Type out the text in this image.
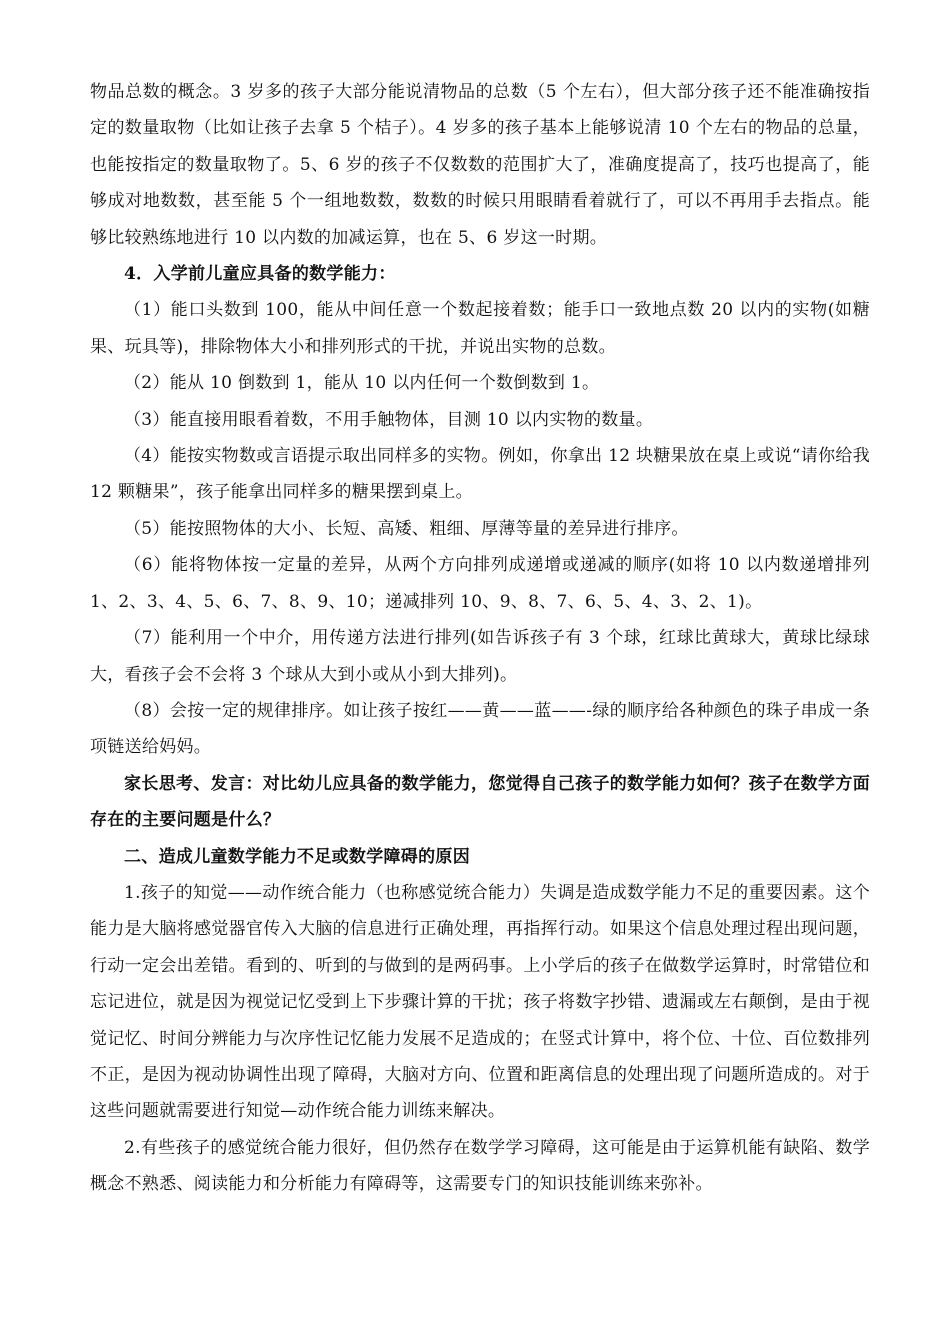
物品总数的概念。3 岁多的孩子大部分能说清物品的总数（5 个左右），但大部分孩子还不能准确按指定的数量取物（比如让孩子去拿 5 个桔子）。4 岁多的孩子基本上能够说清 10 个左右的物品的总量，也能按指定的数量取物了。5、6 岁的孩子不仅数数的范围扩大了，准确度提高了，技巧也提高了，能够成对地数数，甚至能 5 个一组地数数，数数的时候只用眼睛看着就行了，可以不再用手去指点。能够比较熟练地进行 10 以内数的加减运算，也在 5、6 岁这一时期。

4．入学前儿童应具备的数学能力：

（1）能口头数到 100，能从中间任意一个数起接着数；能手口一致地点数 20 以内的实物(如糖果、玩具等)，排除物体大小和排列形式的干扰，并说出实物的总数。

（2）能从 10 倒数到 1，能从 10 以内任何一个数倒数到 1。

（3）能直接用眼看着数，不用手触物体，目测 10 以内实物的数量。

（4）能按实物数或言语提示取出同样多的实物。例如，你拿出 12 块糖果放在桌上或说“请你给我 12 颗糖果”，孩子能拿出同样多的糖果摆到桌上。

（5）能按照物体的大小、长短、高矮、粗细、厚薄等量的差异进行排序。

（6）能将物体按一定量的差异，从两个方向排列成递增或递减的顺序(如将 10 以内数递增排列 1、2、3、4、5、6、7、8、9、10；递减排列 10、9、8、7、6、5、4、3、2、1)。

（7）能利用一个中介，用传递方法进行排列(如告诉孩子有 3 个球，红球比黄球大，黄球比绿球大，看孩子会不会将 3 个球从大到小或从小到大排列)。

（8）会按一定的规律排序。如让孩子按红——黄——蓝——-绿的顺序给各种颜色的珠子串成一条项链送给妈妈。

家长思考、发言：对比幼儿应具备的数学能力，您觉得自己孩子的数学能力如何？孩子在数学方面存在的主要问题是什么？

二、造成儿童数学能力不足或数学障碍的原因

1.孩子的知觉——动作统合能力（也称感觉统合能力）失调是造成数学能力不足的重要因素。这个能力是大脑将感觉器官传入大脑的信息进行正确处理，再指挥行动。如果这个信息处理过程出现问题，行动一定会出差错。看到的、听到的与做到的是两码事。上小学后的孩子在做数学运算时，时常错位和忘记进位，就是因为视觉记忆受到上下步骤计算的干扰；孩子将数字抄错、遗漏或左右颠倒，是由于视觉记忆、时间分辨能力与次序性记忆能力发展不足造成的；在竖式计算中，将个位、十位、百位数排列不正，是因为视动协调性出现了障碍，大脑对方向、位置和距离信息的处理出现了问题所造成的。对于这些问题就需要进行知觉—动作统合能力训练来解决。

2.有些孩子的感觉统合能力很好，但仍然存在数学学习障碍，这可能是由于运算机能有缺陷、数学概念不熟悉、阅读能力和分析能力有障碍等，这需要专门的知识技能训练来弥补。
